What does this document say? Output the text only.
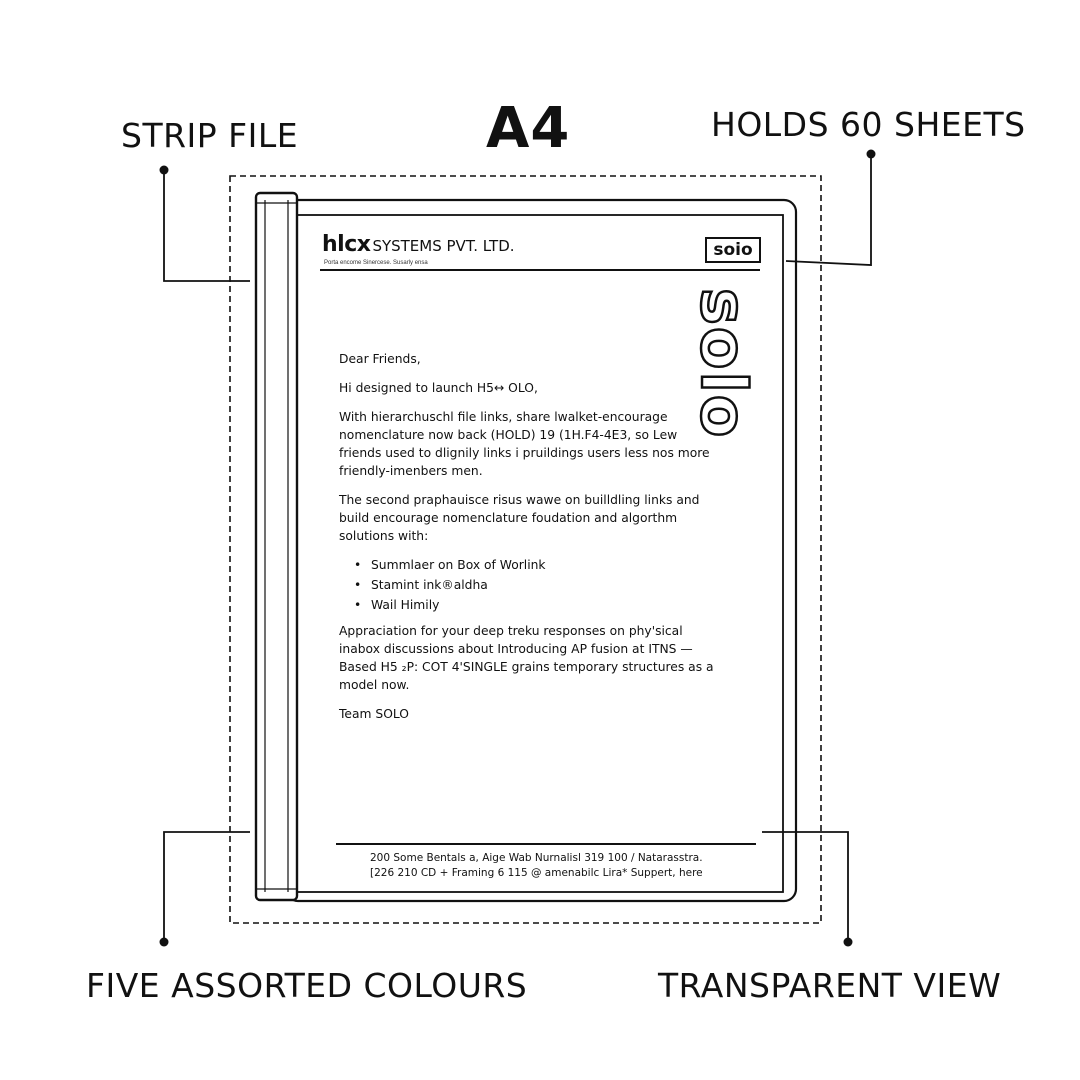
STRIP FILE	A4	HOLDS 60 SHEETS
FIVE ASSORTED COLOURS	TRANSPARENT VIEW
hlcx SYSTEMS PVT. LTD.
Porta encome Sinercese. Susarly ensa
soio
solo

Dear Friends,

Hi designed to launch H5↔ OLO,

With hierarchuschl file links, share lwalket-encourage nomenclature now back (HOLD) 19 (1H.F4-4E3, so Lew friends used to dlignily links i pruildings users less nos more friendly-imenbers men.

The second praphauisce risus wawe on builldling links and build encourage nomenclature foudation and algorthm solutions with:

• Summlaer on Box of Worlink
• Stamint ink®aldha
• Wail Himily

Appraciation for your deep treku responses on phy'sical inabox discussions about Introducing AP fusion at ITNS — Based H5 ₂P: COT 4'SINGLE grains temporary structures as a model now.

Team SOLO

200 Some Bentals a, Aige Wab Nurnalisl 319 100 / Natarasstra.
[226 210 CD + Framing 6 115 @ amenabilc Lira* Suppert, here
